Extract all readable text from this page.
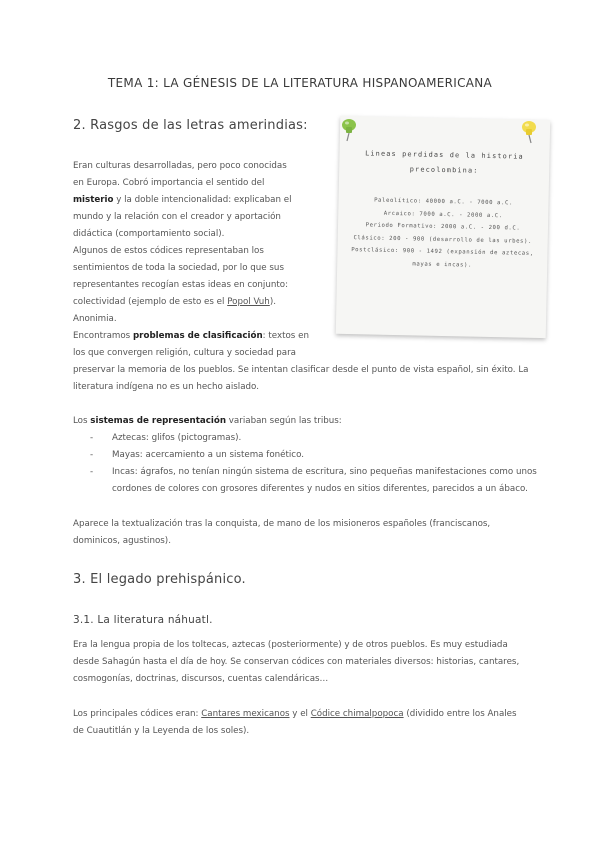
TEMA 1: LA GÉNESIS DE LA LITERATURA HISPANOAMERICANA
2. Rasgos de las letras amerindias:
Eran culturas desarrolladas, pero poco conocidas
en Europa. Cobró importancia el sentido del
misterio y la doble intencionalidad: explicaban el
mundo y la relación con el creador y aportación
didáctica (comportamiento social).
Algunos de estos códices representaban los
sentimientos de toda la sociedad, por lo que sus
representantes recogían estas ideas en conjunto:
colectividad (ejemplo de esto es el Popol Vuh).
Anonimia.
Encontramos problemas de clasificación: textos en
los que convergen religión, cultura y sociedad para
preservar la memoria de los pueblos. Se intentan clasificar desde el punto de vista español, sin éxito. La
literatura indígena no es un hecho aislado.
Los sistemas de representación variaban según las tribus:
- Aztecas: glifos (pictogramas).
- Mayas: acercamiento a un sistema fonético.
- Incas: ágrafos, no tenían ningún sistema de escritura, sino pequeñas manifestaciones como unos
cordones de colores con grosores diferentes y nudos en sitios diferentes, parecidos a un ábaco.
Aparece la textualización tras la conquista, de mano de los misioneros españoles (franciscanos,
dominicos, agustinos).
Lineas perdidas de la historia
precolombina:
Paleolítico: 40000 a.C. - 7000 a.C.
Arcaico: 7000 a.C. - 2000 a.C.
Periodo Formativo: 2000 a.C. - 200 d.C.
Clásico: 200 - 900 (desarrollo de las urbes).
Postclásico: 900 - 1492 (expansión de aztecas,
mayas e incas).
3. El legado prehispánico.
3.1. La literatura náhuatl.
Era la lengua propia de los toltecas, aztecas (posteriormente) y de otros pueblos. Es muy estudiada
desde Sahagún hasta el día de hoy. Se conservan códices con materiales diversos: historias, cantares,
cosmogonías, doctrinas, discursos, cuentas calendáricas…
Los principales códices eran: Cantares mexicanos y el Códice chimalpopoca (dividido entre los Anales
de Cuautitlán y la Leyenda de los soles).
